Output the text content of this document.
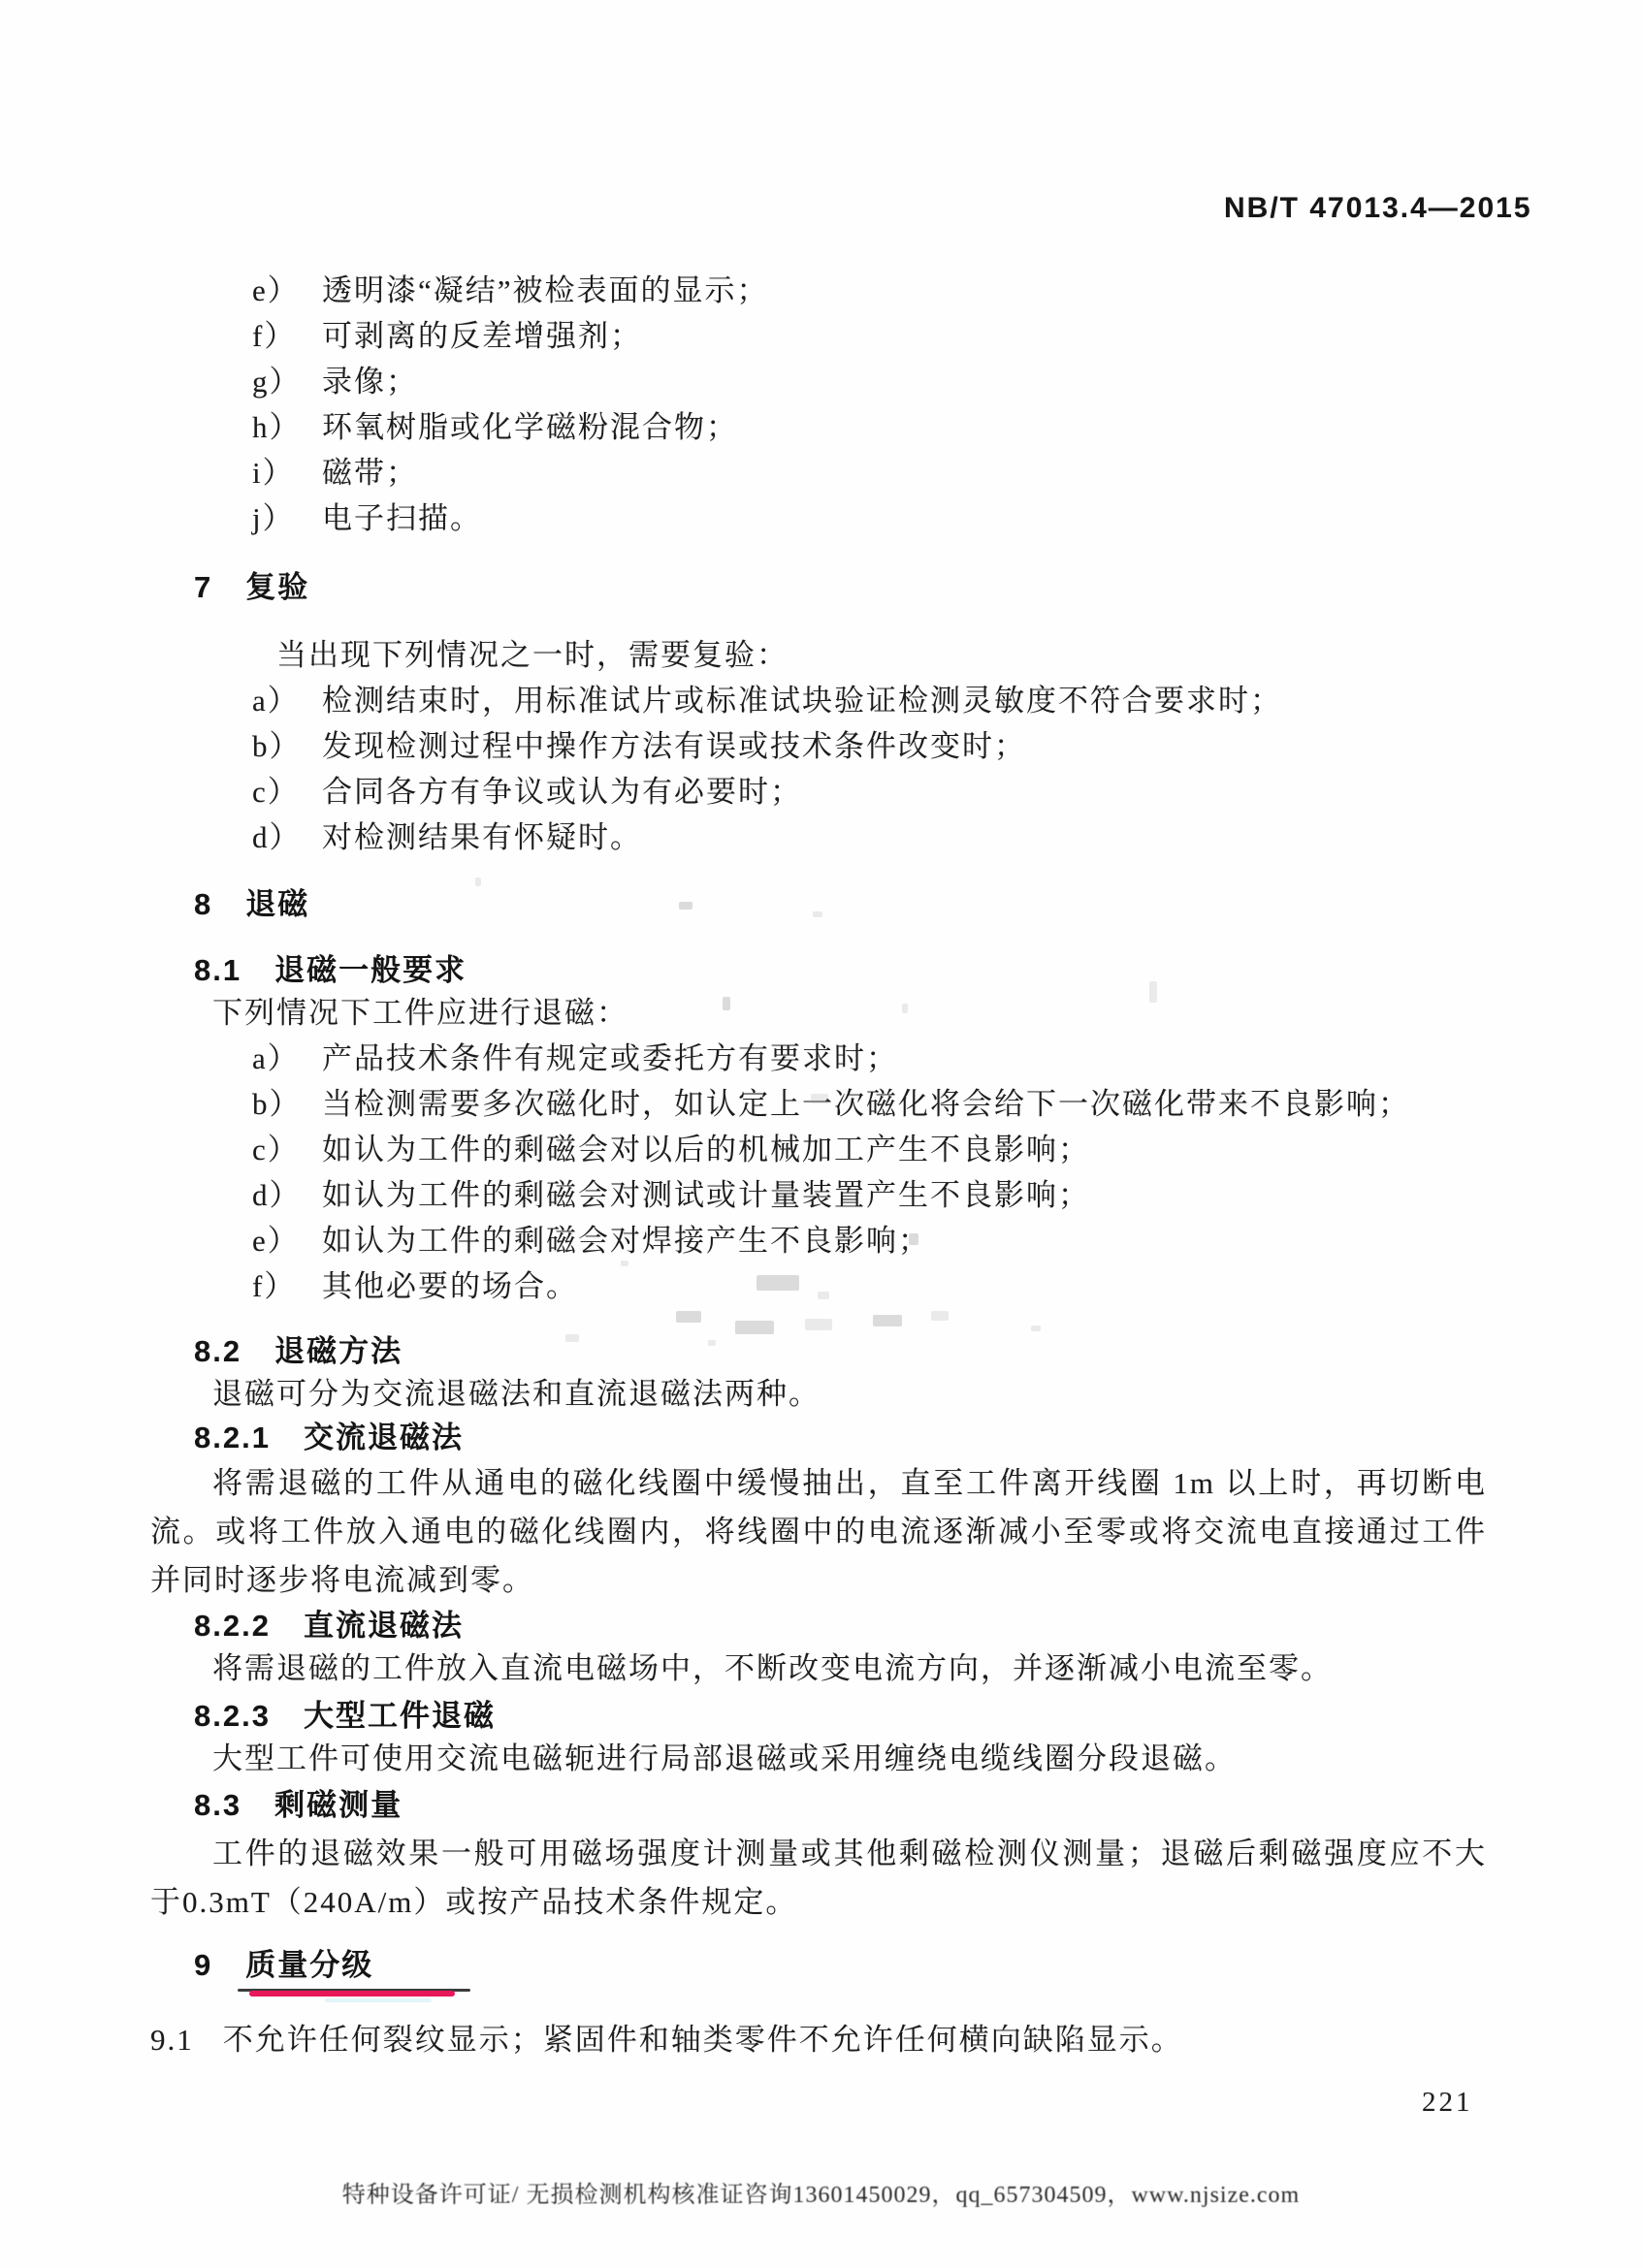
NB/T 47013.4—2015
e） 透明漆“凝结”被检表面的显示；
f） 可剥离的反差增强剂；
g） 录像；
h） 环氧树脂或化学磁粉混合物；
i） 磁带；
j） 电子扫描。
7 复验

当出现下列情况之一时，需要复验：

a） 检测结束时，用标准试片或标准试块验证检测灵敏度不符合要求时；
b） 发现检测过程中操作方法有误或技术条件改变时；
c） 合同各方有争议或认为有必要时；
d） 对检测结果有怀疑时。
8 退磁
8.1 退磁一般要求

下列情况下工件应进行退磁：

a） 产品技术条件有规定或委托方有要求时；
b） 当检测需要多次磁化时，如认定上一次磁化将会给下一次磁化带来不良影响；
c） 如认为工件的剩磁会对以后的机械加工产生不良影响；
d） 如认为工件的剩磁会对测试或计量装置产生不良影响；
e） 如认为工件的剩磁会对焊接产生不良影响；
f） 其他必要的场合。
8.2 退磁方法

退磁可分为交流退磁法和直流退磁法两种。

8.2.1 交流退磁法

将需退磁的工件从通电的磁化线圈中缓慢抽出，直至工件离开线圈 1m 以上时，再切断电流。或将工件放入通电的磁化线圈内，将线圈中的电流逐渐减小至零或将交流电直接通过工件并同时逐步将电流减到零。

8.2.2 直流退磁法

将需退磁的工件放入直流电磁场中，不断改变电流方向，并逐渐减小电流至零。

8.2.3 大型工件退磁

大型工件可使用交流电磁轭进行局部退磁或采用缠绕电缆线圈分段退磁。

8.3 剩磁测量

工件的退磁效果一般可用磁场强度计测量或其他剩磁检测仪测量；退磁后剩磁强度应不大于0.3mT（240A/m）或按产品技术条件规定。

9 质量分级

9.1 不允许任何裂纹显示；紧固件和轴类零件不允许任何横向缺陷显示。

221
特种设备许可证/ 无损检测机构核准证咨询13601450029，qq_657304509，www.njsize.com
